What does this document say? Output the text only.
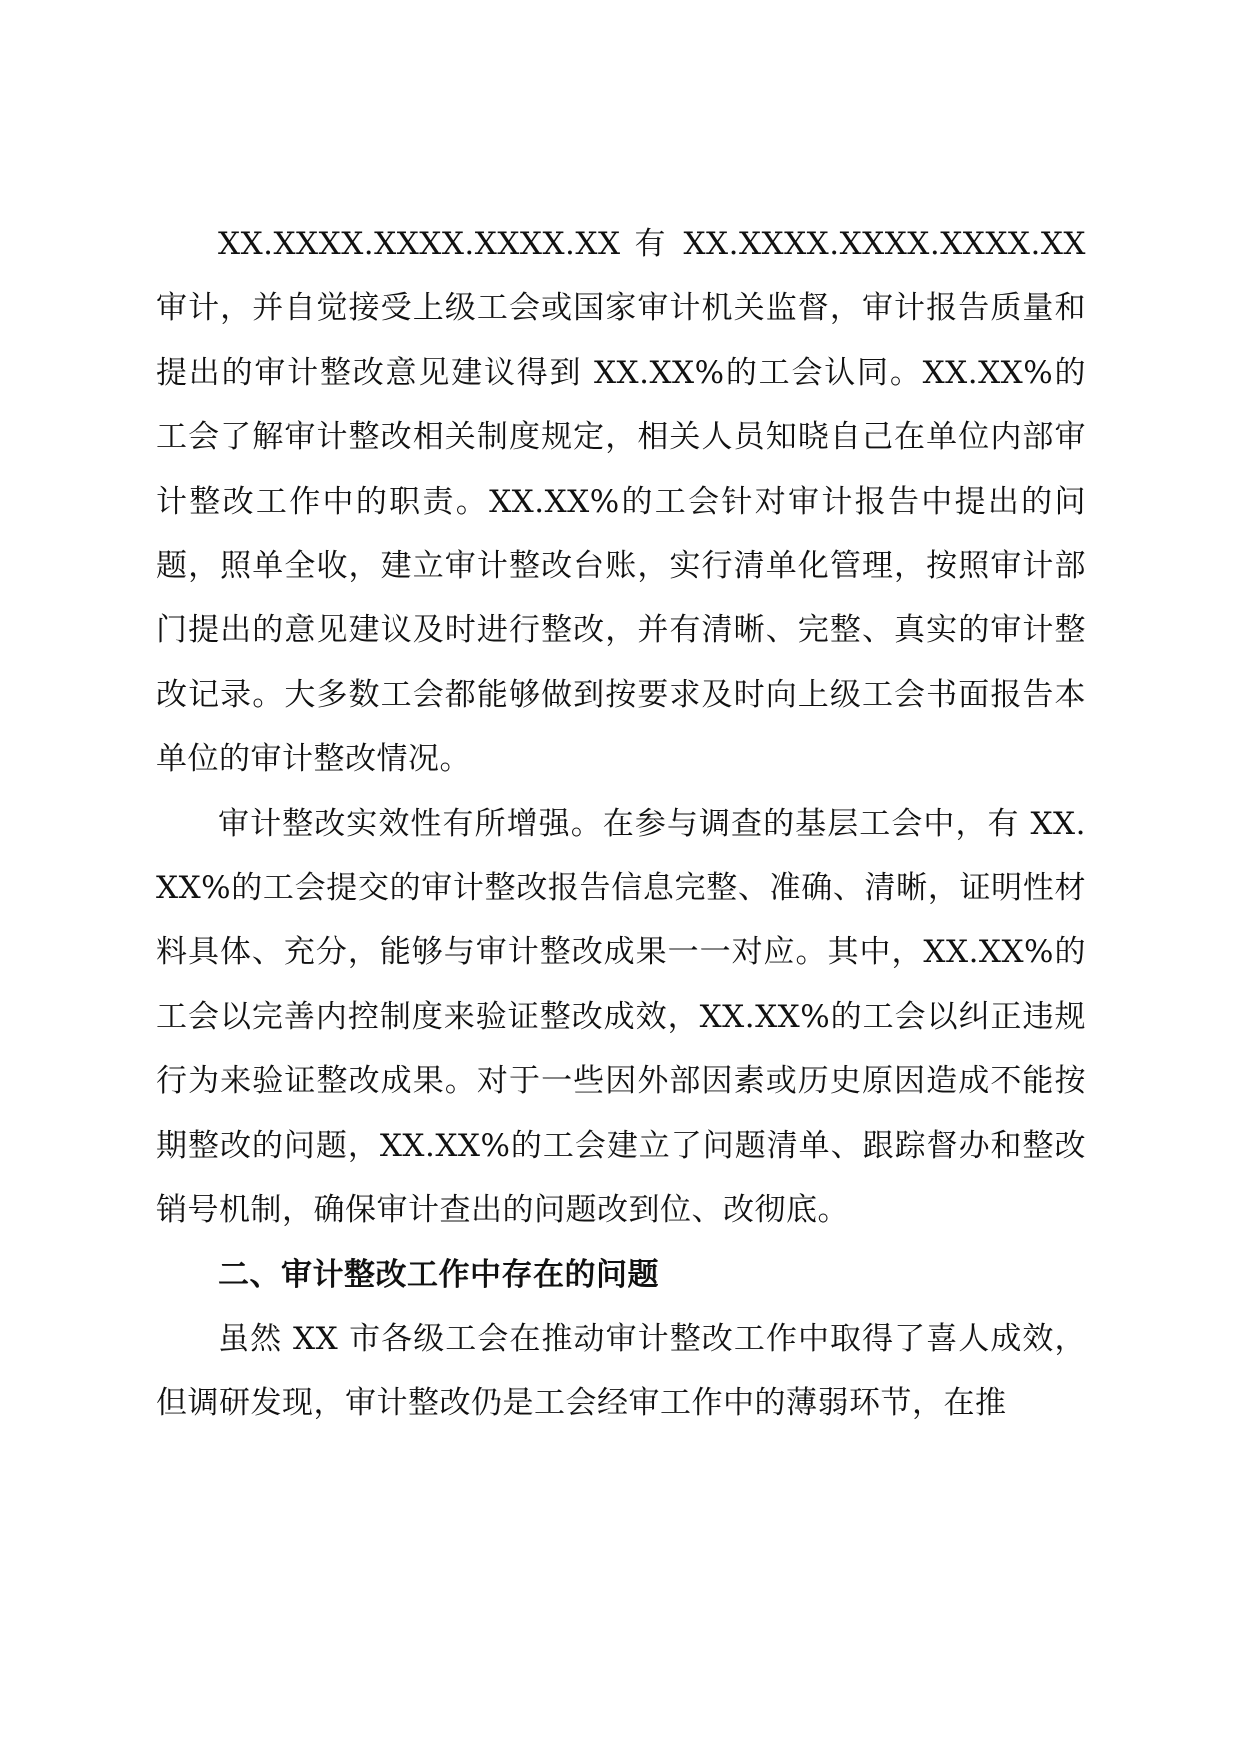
XX.XXXX.XXXX.XXXX.XX 有 XX.XXXX.XXXX.XXXX.XX 审计，并自觉接受上级工会或国家审计机关监督，审计报告质量和提出的审计整改意见建议得到 XX.XX%的工会认同。XX.XX%的工会了解审计整改相关制度规定，相关人员知晓自己在单位内部审计整改工作中的职责。XX.XX%的工会针对审计报告中提出的问题，照单全收，建立审计整改台账，实行清单化管理，按照审计部门提出的意见建议及时进行整改，并有清晰、完整、真实的审计整改记录。大多数工会都能够做到按要求及时向上级工会书面报告本单位的审计整改情况。

审计整改实效性有所增强。在参与调查的基层工会中，有 XX.XX%的工会提交的审计整改报告信息完整、准确、清晰，证明性材料具体、充分，能够与审计整改成果一一对应。其中，XX.XX%的工会以完善内控制度来验证整改成效，XX.XX%的工会以纠正违规行为来验证整改成果。对于一些因外部因素或历史原因造成不能按期整改的问题，XX.XX%的工会建立了问题清单、跟踪督办和整改销号机制，确保审计查出的问题改到位、改彻底。

二、审计整改工作中存在的问题

虽然 XX 市各级工会在推动审计整改工作中取得了喜人成效，但调研发现，审计整改仍是工会经审工作中的薄弱环节，在推
